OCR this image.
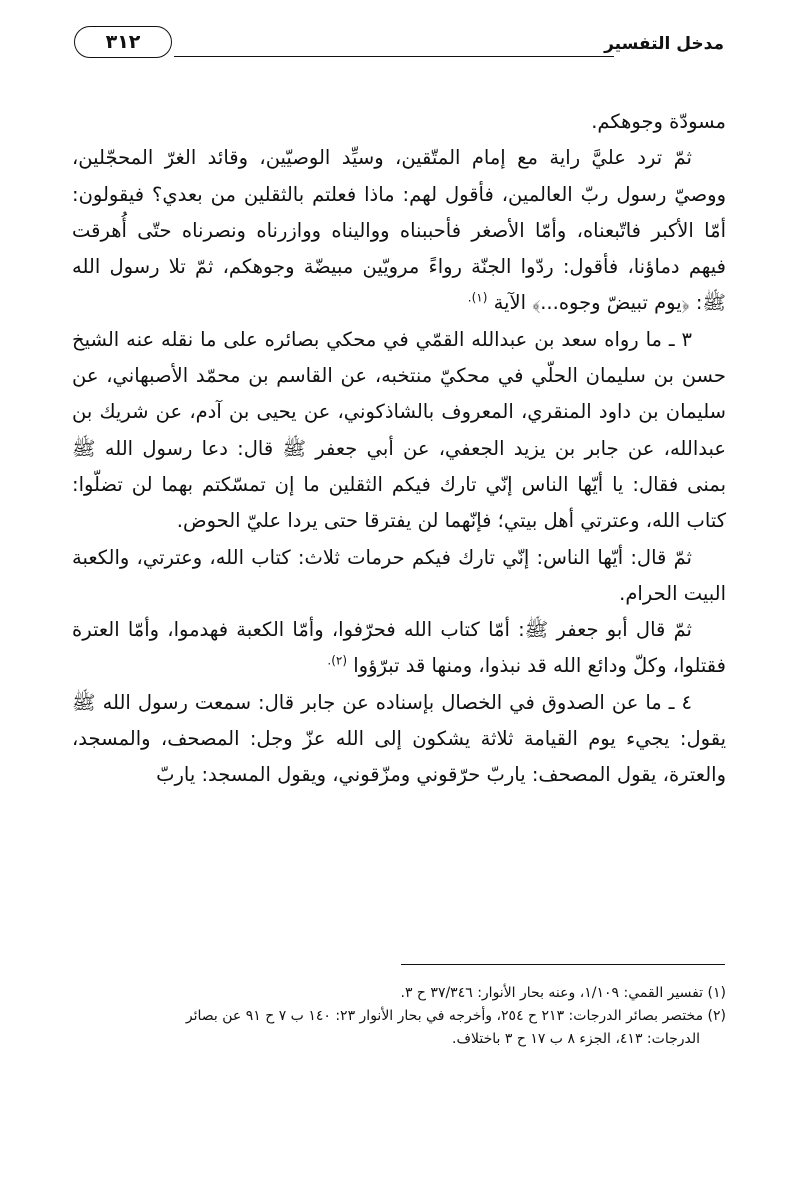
مدخل التفسير
٣١٢

مسودّة وجوهكم.

ثمّ ترد عليَّ راية مع إمام المتّقين، وسيِّد الوصيّين، وقائد الغرّ المحجّلين، ووصيّ رسول ربّ العالمين، فأقول لهم: ماذا فعلتم بالثقلين من بعدي؟ فيقولون: أمّا الأكبر فاتّبعناه، وأمّا الأصغر فأحببناه وواليناه ووازرناه ونصرناه حتّى أُهرقت فيهم دماؤنا، فأقول: ردّوا الجنّة رواءً مرويّين مبيضّة وجوهكم، ثمّ تلا رسول الله ﷺ: ﴿يوم تبيضّ وجوه...﴾ الآية $^{(١).}$

٣ ـ ما رواه سعد بن عبدالله القمّي في محكي بصائره على ما نقله عنه الشيخ حسن بن سليمان الحلّي في محكيّ منتخبه، عن القاسم بن محمّد الأصبهاني، عن سليمان بن داود المنقري، المعروف بالشاذكوني، عن يحيى بن آدم، عن شريك بن عبدالله، عن جابر بن يزيد الجعفي، عن أبي جعفر ﷺ قال: دعا رسول الله ﷺ بمنى فقال: يا أيّها الناس إنّي تارك فيكم الثقلين ما إن تمسّكتم بهما لن تضلّوا: كتاب الله، وعترتي أهل بيتي؛ فإنّهما لن يفترقا حتى يردا عليّ الحوض.

ثمّ قال: أيّها الناس: إنّي تارك فيكم حرمات ثلاث: كتاب الله، وعترتي، والكعبة البيت الحرام.

ثمّ قال أبو جعفر ﷺ: أمّا كتاب الله فحرّفوا، وأمّا الكعبة فهدموا، وأمّا العترة فقتلوا، وكلّ ودائع الله قد نبذوا، ومنها قد تبرّؤوا $^{(٢).}$

٤ ـ ما عن الصدوق في الخصال بإسناده عن جابر قال: سمعت رسول الله ﷺ يقول: يجيء يوم القيامة ثلاثة يشكون إلى الله عزّ وجل: المصحف، والمسجد، والعترة، يقول المصحف: ياربّ حرّقوني ومزّقوني، ويقول المسجد: ياربّ

(١) تفسير القمي: ١/١٠٩، وعنه بحار الأنوار: ٣٧/٣٤٦ ح ٣.

(٢) مختصر بصائر الدرجات: ٢١٣ ح ٢٥٤، وأخرجه في بحار الأنوار ٢٣: ١٤٠ ب ٧ ح ٩١ عن بصائر

الدرجات: ٤١٣، الجزء ٨ ب ١٧ ح ٣ باختلاف.
